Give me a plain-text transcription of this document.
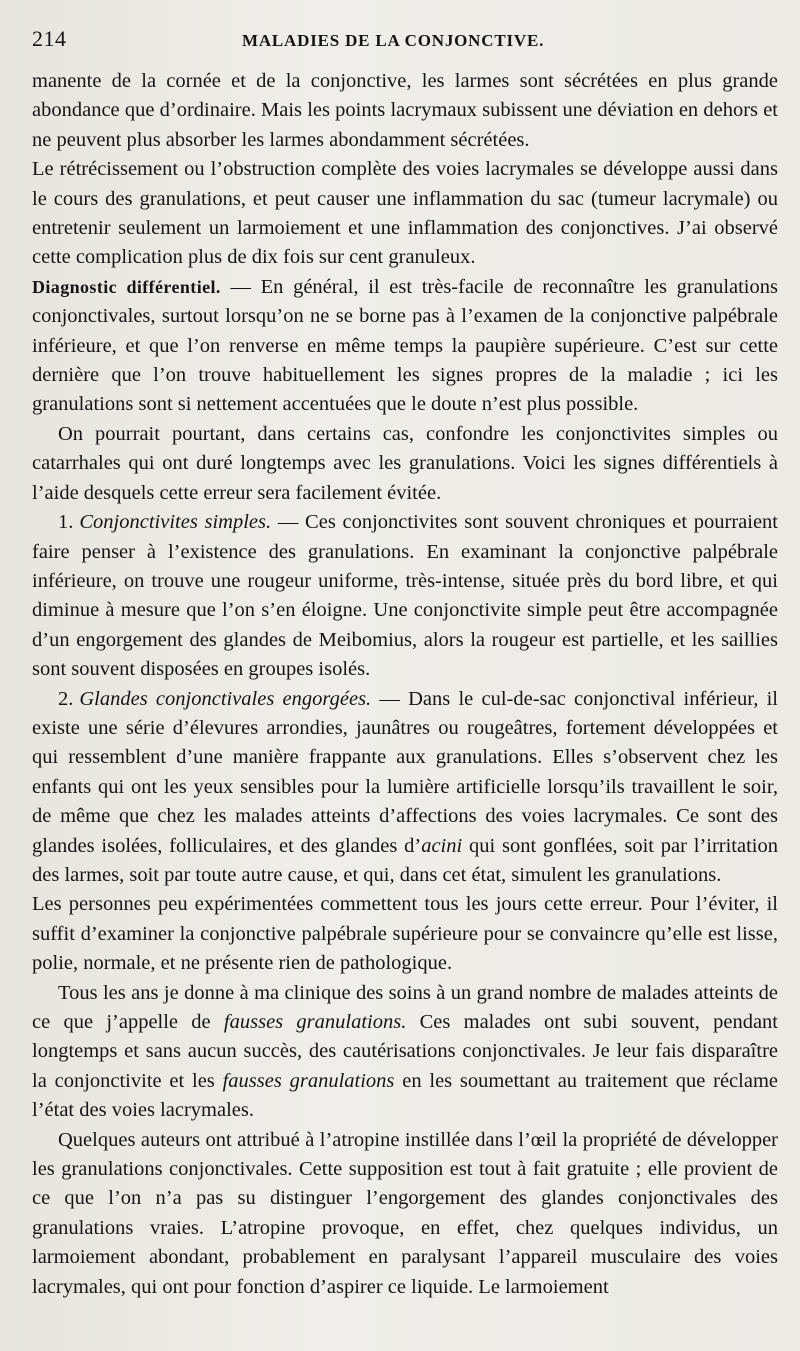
214	MALADIES DE LA CONJONCTIVE.

manente de la cornée et de la conjonctive, les larmes sont sécrétées en plus grande abondance que d’ordinaire. Mais les points lacrymaux subissent une déviation en dehors et ne peuvent plus absorber les larmes abondamment sécrétées.

Le rétrécissement ou l’obstruction complète des voies lacrymales se développe aussi dans le cours des granulations, et peut causer une inflammation du sac (tumeur lacrymale) ou entretenir seulement un larmoiement et une inflammation des conjonctives. J’ai observé cette complication plus de dix fois sur cent granuleux.

Diagnostic différentiel. — En général, il est très-facile de reconnaître les granulations conjonctivales, surtout lorsqu’on ne se borne pas à l’examen de la conjonctive palpébrale inférieure, et que l’on renverse en même temps la paupière supérieure. C’est sur cette dernière que l’on trouve habituellement les signes propres de la maladie ; ici les granulations sont si nettement accentuées que le doute n’est plus possible.

On pourrait pourtant, dans certains cas, confondre les conjonctivites simples ou catarrhales qui ont duré longtemps avec les granulations. Voici les signes différentiels à l’aide desquels cette erreur sera facilement évitée.

1. Conjonctivites simples. — Ces conjonctivites sont souvent chroniques et pourraient faire penser à l’existence des granulations. En examinant la conjonctive palpébrale inférieure, on trouve une rougeur uniforme, très-intense, située près du bord libre, et qui diminue à mesure que l’on s’en éloigne. Une conjonctivite simple peut être accompagnée d’un engorgement des glandes de Meibomius, alors la rougeur est partielle, et les saillies sont souvent disposées en groupes isolés.

2. Glandes conjonctivales engorgées. — Dans le cul-de-sac conjonctival inférieur, il existe une série d’élevures arrondies, jaunâtres ou rougeâtres, fortement développées et qui ressemblent d’une manière frappante aux granulations. Elles s’observent chez les enfants qui ont les yeux sensibles pour la lumière artificielle lorsqu’ils travaillent le soir, de même que chez les malades atteints d’affections des voies lacrymales. Ce sont des glandes isolées, folliculaires, et des glandes d’acini qui sont gonflées, soit par l’irritation des larmes, soit par toute autre cause, et qui, dans cet état, simulent les granulations.

Les personnes peu expérimentées commettent tous les jours cette erreur. Pour l’éviter, il suffit d’examiner la conjonctive palpébrale supérieure pour se convaincre qu’elle est lisse, polie, normale, et ne présente rien de pathologique.

Tous les ans je donne à ma clinique des soins à un grand nombre de malades atteints de ce que j’appelle de fausses granulations. Ces malades ont subi souvent, pendant longtemps et sans aucun succès, des cautérisations conjonctivales. Je leur fais disparaître la conjonctivite et les fausses granulations en les soumettant au traitement que réclame l’état des voies lacrymales.

Quelques auteurs ont attribué à l’atropine instillée dans l’œil la propriété de développer les granulations conjonctivales. Cette supposition est tout à fait gratuite ; elle provient de ce que l’on n’a pas su distinguer l’engorgement des glandes conjonctivales des granulations vraies. L’atropine provoque, en effet, chez quelques individus, un larmoiement abondant, probablement en paralysant l’appareil musculaire des voies lacrymales, qui ont pour fonction d’aspirer ce liquide. Le larmoiement
